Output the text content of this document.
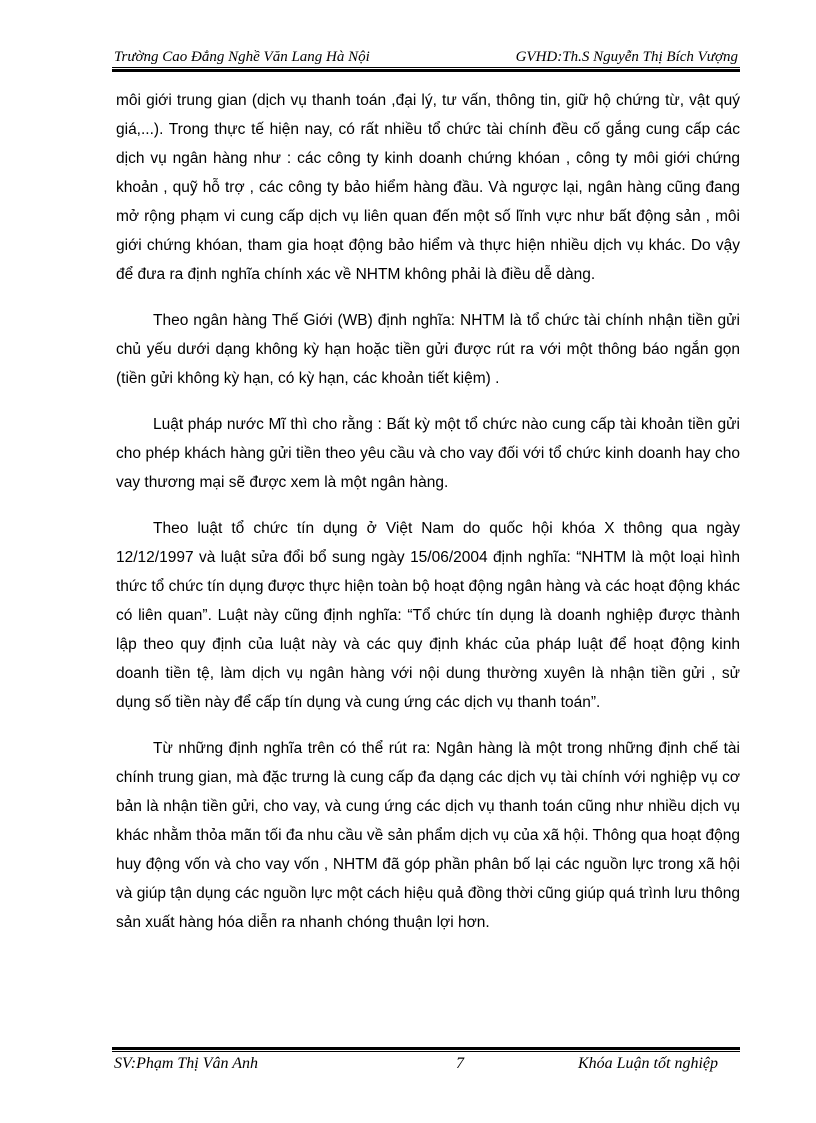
Trường Cao Đẳng Nghề Văn Lang Hà Nội	GVHD:Th.S Nguyễn Thị Bích Vượng

môi giới trung gian (dịch vụ thanh toán ,đại lý, tư vấn, thông tin, giữ hộ chứng từ, vật quý giá,...). Trong thực tế hiện nay, có rất nhiều tổ chức tài chính đều cố gắng cung cấp các dịch vụ ngân hàng như : các công ty kinh doanh chứng khóan , công ty môi giới chứng khoản , quỹ hỗ trợ , các công ty bảo hiểm hàng đầu. Và ngược lại, ngân hàng cũng đang mở rộng phạm vi cung cấp dịch vụ liên quan đến một số lĩnh vực như bất động sản , môi giới chứng khóan, tham gia hoạt động bảo hiểm và thực hiện nhiều dịch vụ khác. Do vậy để đưa ra định nghĩa chính xác về NHTM không phải là điều dễ dàng.

Theo ngân hàng Thế Giới (WB) định nghĩa: NHTM là tổ chức tài chính nhận tiền gửi chủ yếu dưới dạng không kỳ hạn hoặc tiền gửi được rút ra với một thông báo ngắn gọn (tiền gửi không kỳ hạn, có kỳ hạn, các khoản tiết kiệm) .

Luật pháp nước Mĩ thì cho rằng : Bất kỳ một tổ chức nào cung cấp tài khoản tiền gửi cho phép khách hàng gửi tiền theo yêu cầu và cho vay đối với tổ chức kinh doanh hay cho vay thương mại sẽ được xem là một ngân hàng.

Theo luật tổ chức tín dụng ở Việt Nam do quốc hội khóa X thông qua ngày 12/12/1997 và luật sửa đổi bổ sung ngày 15/06/2004 định nghĩa: “NHTM là một loại hình thức tổ chức tín dụng được thực hiện toàn bộ hoạt động ngân hàng và các hoạt động khác có liên quan”. Luật này cũng định nghĩa: “Tổ chức tín dụng là doanh nghiệp được thành lập theo quy định của luật này và các quy định khác của pháp luật để hoạt động kinh doanh tiền tệ, làm dịch vụ ngân hàng với nội dung thường xuyên là nhận tiền gửi , sử dụng số tiền này để cấp tín dụng và cung ứng các dịch vụ thanh toán”.

Từ những định nghĩa trên có thể rút ra: Ngân hàng là một trong những định chế tài chính trung gian, mà đặc trưng là cung cấp đa dạng các dịch vụ tài chính với nghiệp vụ cơ bản là nhận tiền gửi, cho vay, và cung ứng các dịch vụ thanh toán cũng như nhiều dịch vụ khác nhằm thỏa mãn tối đa nhu cầu về sản phẩm dịch vụ của xã hội. Thông qua hoạt động huy động vốn và cho vay vốn , NHTM đã góp phần phân bố lại các nguồn lực trong xã hội và giúp tận dụng các nguồn lực một cách hiệu quả đồng thời cũng giúp quá trình lưu thông sản xuất hàng hóa diễn ra nhanh chóng thuận lợi hơn.

SV:Phạm Thị Vân Anh	7	Khóa Luận tốt nghiệp
